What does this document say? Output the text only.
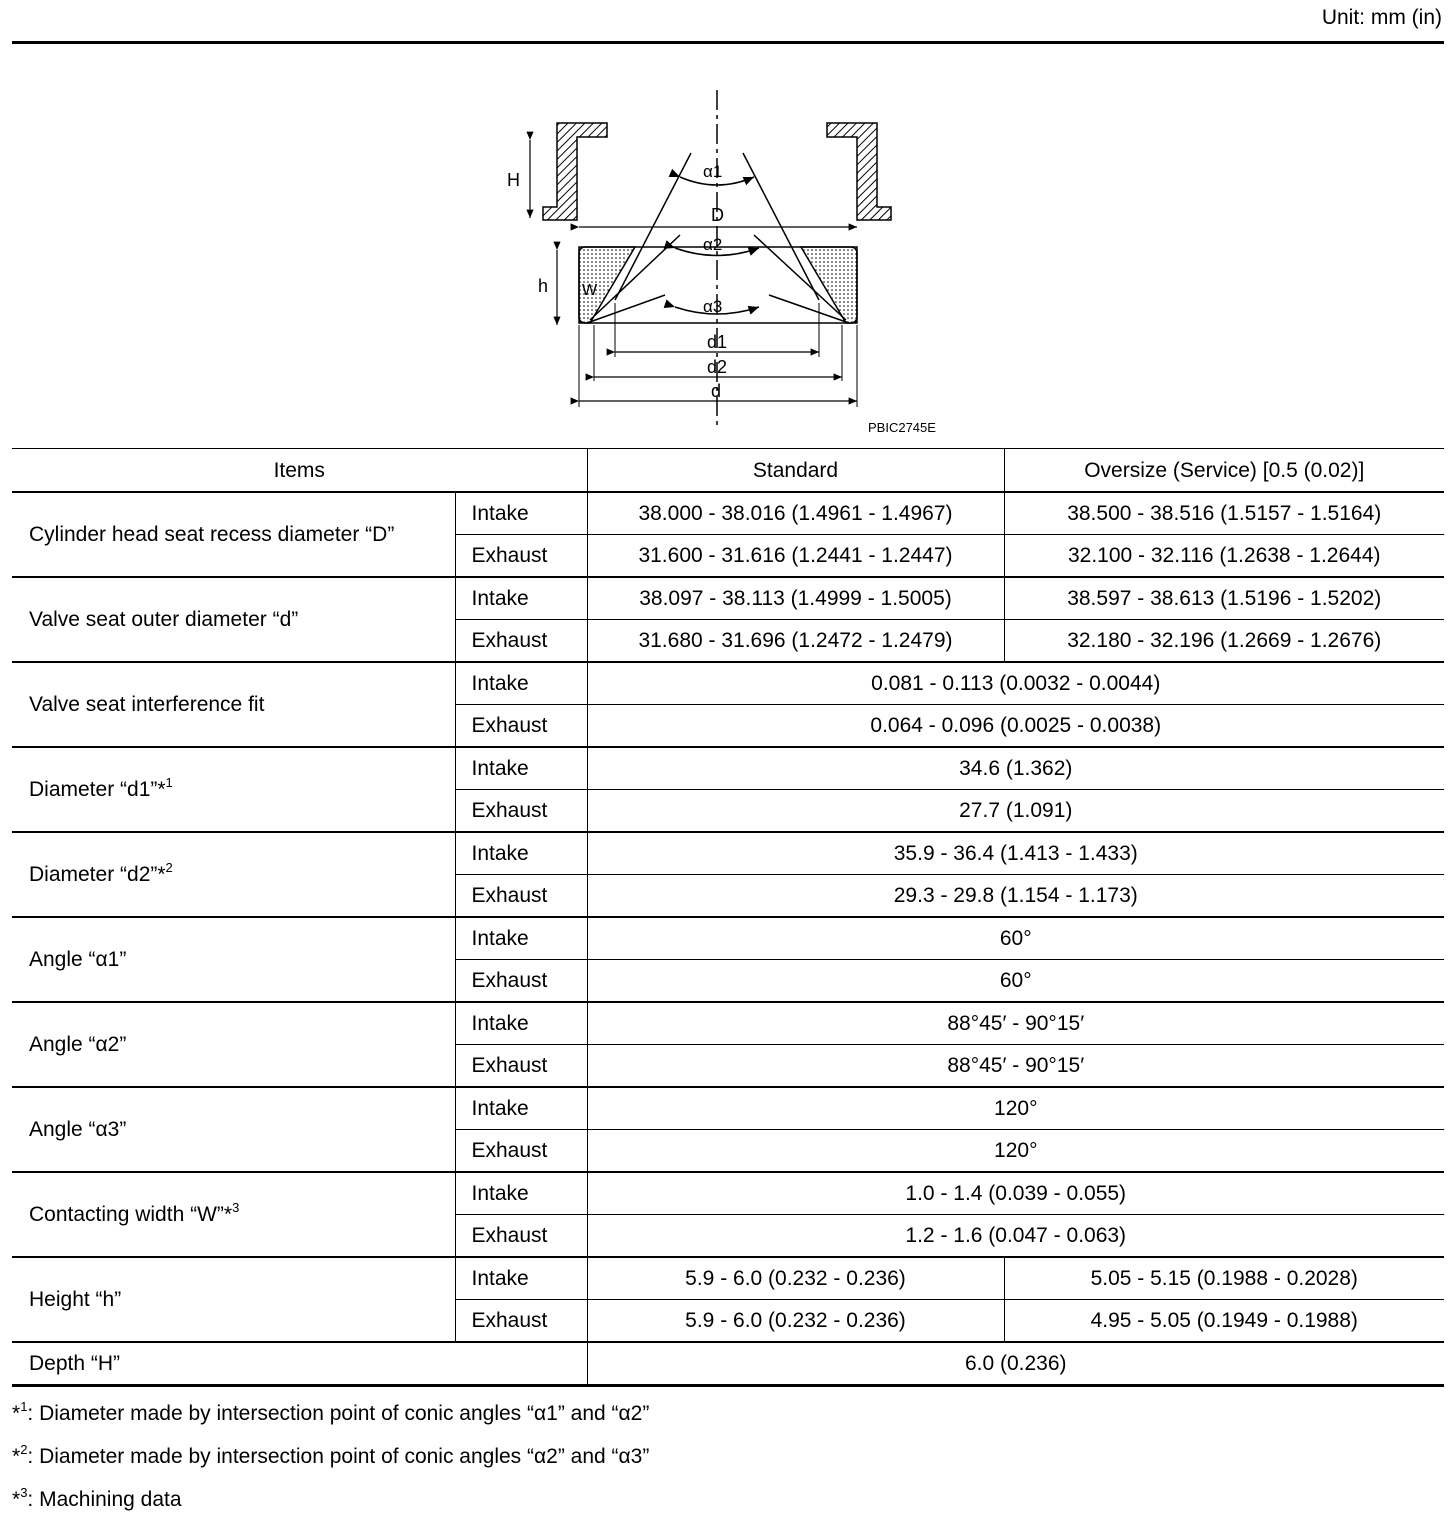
Unit: mm (in)
H
D
h W
α1
α2
α3
d1
d2
d
PBIC2745E
Items		Standard	Oversize (Service) [0.5 (0.02)]
Cylinder head seat recess diameter “D”	Intake	38.000 - 38.016 (1.4961 - 1.4967)	38.500 - 38.516 (1.5157 - 1.5164)
	Exhaust	31.600 - 31.616 (1.2441 - 1.2447)	32.100 - 32.116 (1.2638 - 1.2644)
Valve seat outer diameter “d”	Intake	38.097 - 38.113 (1.4999 - 1.5005)	38.597 - 38.613 (1.5196 - 1.5202)
	Exhaust	31.680 - 31.696 (1.2472 - 1.2479)	32.180 - 32.196 (1.2669 - 1.2676)
Valve seat interference fit	Intake	0.081 - 0.113 (0.0032 - 0.0044)	
	Exhaust	0.064 - 0.096 (0.0025 - 0.0038)	
Diameter “d1”*$^1$	Intake	34.6 (1.362)	
	Exhaust	27.7 (1.091)	
Diameter “d2”*$^2$	Intake	35.9 - 36.4 (1.413 - 1.433)	
	Exhaust	29.3 - 29.8 (1.154 - 1.173)	
Angle “α1”	Intake	60°	
	Exhaust	60°	
Angle “α2”	Intake	88°45′ - 90°15′	
	Exhaust	88°45′ - 90°15′	
Angle “α3”	Intake	120°	
	Exhaust	120°	
Contacting width “W”*$^3$	Intake	1.0 - 1.4 (0.039 - 0.055)	
	Exhaust	1.2 - 1.6 (0.047 - 0.063)	
Height “h”	Intake	5.9 - 6.0 (0.232 - 0.236)	5.05 - 5.15 (0.1988 - 0.2028)
	Exhaust	5.9 - 6.0 (0.232 - 0.236)	4.95 - 5.05 (0.1949 - 0.1988)
Depth “H”		6.0 (0.236)	
*$^1$: Diameter made by intersection point of conic angles “α1” and “α2”
*$^2$: Diameter made by intersection point of conic angles “α2” and “α3”
*$^3$: Machining data
